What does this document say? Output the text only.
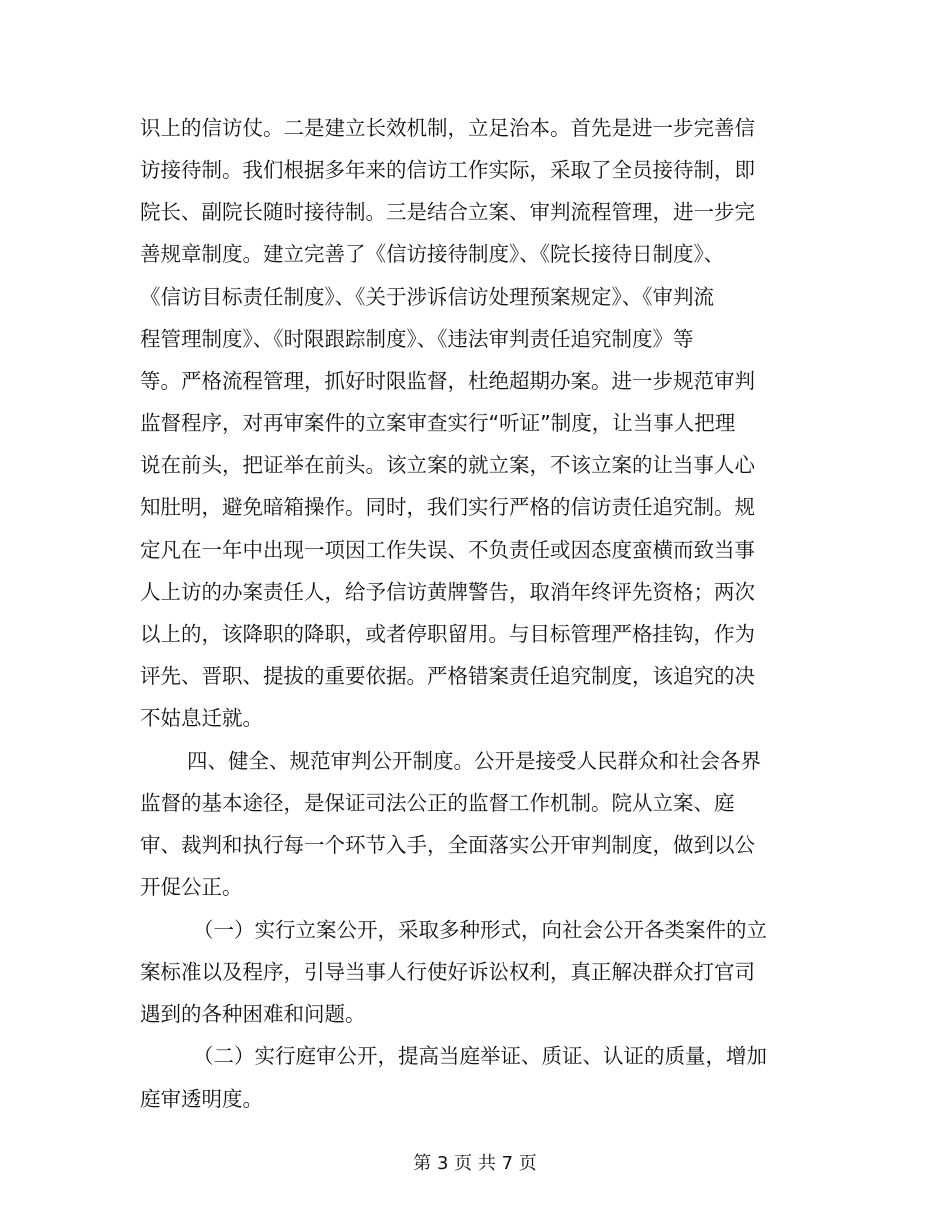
识上的信访仗。二是建立长效机制，立足治本。首先是进一步完善信
访接待制。我们根据多年来的信访工作实际，采取了全员接待制，即
院长、副院长随时接待制。三是结合立案、审判流程管理，进一步完
善规章制度。建立完善了《信访接待制度》、《院长接待日制度》、
《信访目标责任制度》、《关于涉诉信访处理预案规定》、《审判流
程管理制度》、《时限跟踪制度》、《违法审判责任追究制度》等
等。严格流程管理，抓好时限监督，杜绝超期办案。进一步规范审判
监督程序，对再审案件的立案审查实行“听证”制度，让当事人把理
说在前头，把证举在前头。该立案的就立案，不该立案的让当事人心
知肚明，避免暗箱操作。同时，我们实行严格的信访责任追究制。规
定凡在一年中出现一项因工作失误、不负责任或因态度蛮横而致当事
人上访的办案责任人，给予信访黄牌警告，取消年终评先资格；两次
以上的，该降职的降职，或者停职留用。与目标管理严格挂钩，作为
评先、晋职、提拔的重要依据。严格错案责任追究制度，该追究的决
不姑息迁就。
四、健全、规范审判公开制度。公开是接受人民群众和社会各界
监督的基本途径，是保证司法公正的监督工作机制。院从立案、庭
审、裁判和执行每一个环节入手，全面落实公开审判制度，做到以公
开促公正。
（一）实行立案公开，采取多种形式，向社会公开各类案件的立
案标准以及程序，引导当事人行使好诉讼权利，真正解决群众打官司
遇到的各种困难和问题。
（二）实行庭审公开，提高当庭举证、质证、认证的质量，增加
庭审透明度。
第 3 页 共 7 页
